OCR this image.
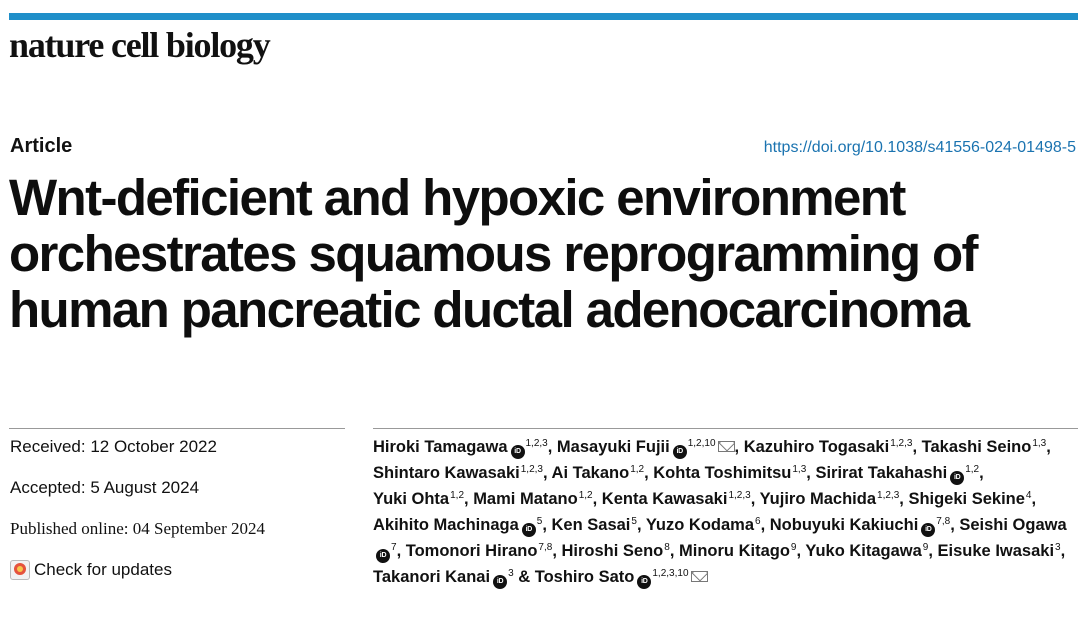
nature cell biology
Article	https://doi.org/10.1038/s41556-024-01498-5
Wnt-deficient and hypoxic environment
orchestrates squamous reprogramming of
human pancreatic ductal adenocarcinoma
Received: 12 October 2022
Accepted: 5 August 2024
Published online: 04 September 2024
Check for updates
Hiroki Tamagawa iD$^{1,2,3}$, Masayuki Fujii iD$^{1,2,10}$ , Kazuhiro Togasaki$^{1,2,3}$, Takashi Seino$^{1,3}$, Shintaro Kawasaki$^{1,2,3}$, Ai Takano$^{1,2}$, Kohta Toshimitsu$^{1,3}$, Sirirat Takahashi iD$^{1,2}$, Yuki Ohta$^{1,2}$, Mami Matano$^{1,2}$, Kenta Kawasaki$^{1,2,3}$, Yujiro Machida$^{1,2,3}$, Shigeki Sekine$^4$, Akihito Machinaga iD$^5$, Ken Sasai$^5$, Yuzo Kodama$^6$, Nobuyuki Kakiuchi iD$^{7,8}$, Seishi OgawaiD$^7$, Tomonori Hirano$^{7,8}$, Hiroshi Seno$^8$, Minoru Kitago$^9$, Yuko Kitagawa$^9$, Eisuke Iwasaki$^3$, Takanori Kanai iD$^3$ & Toshiro Sato iD$^{1,2,3,10}$
